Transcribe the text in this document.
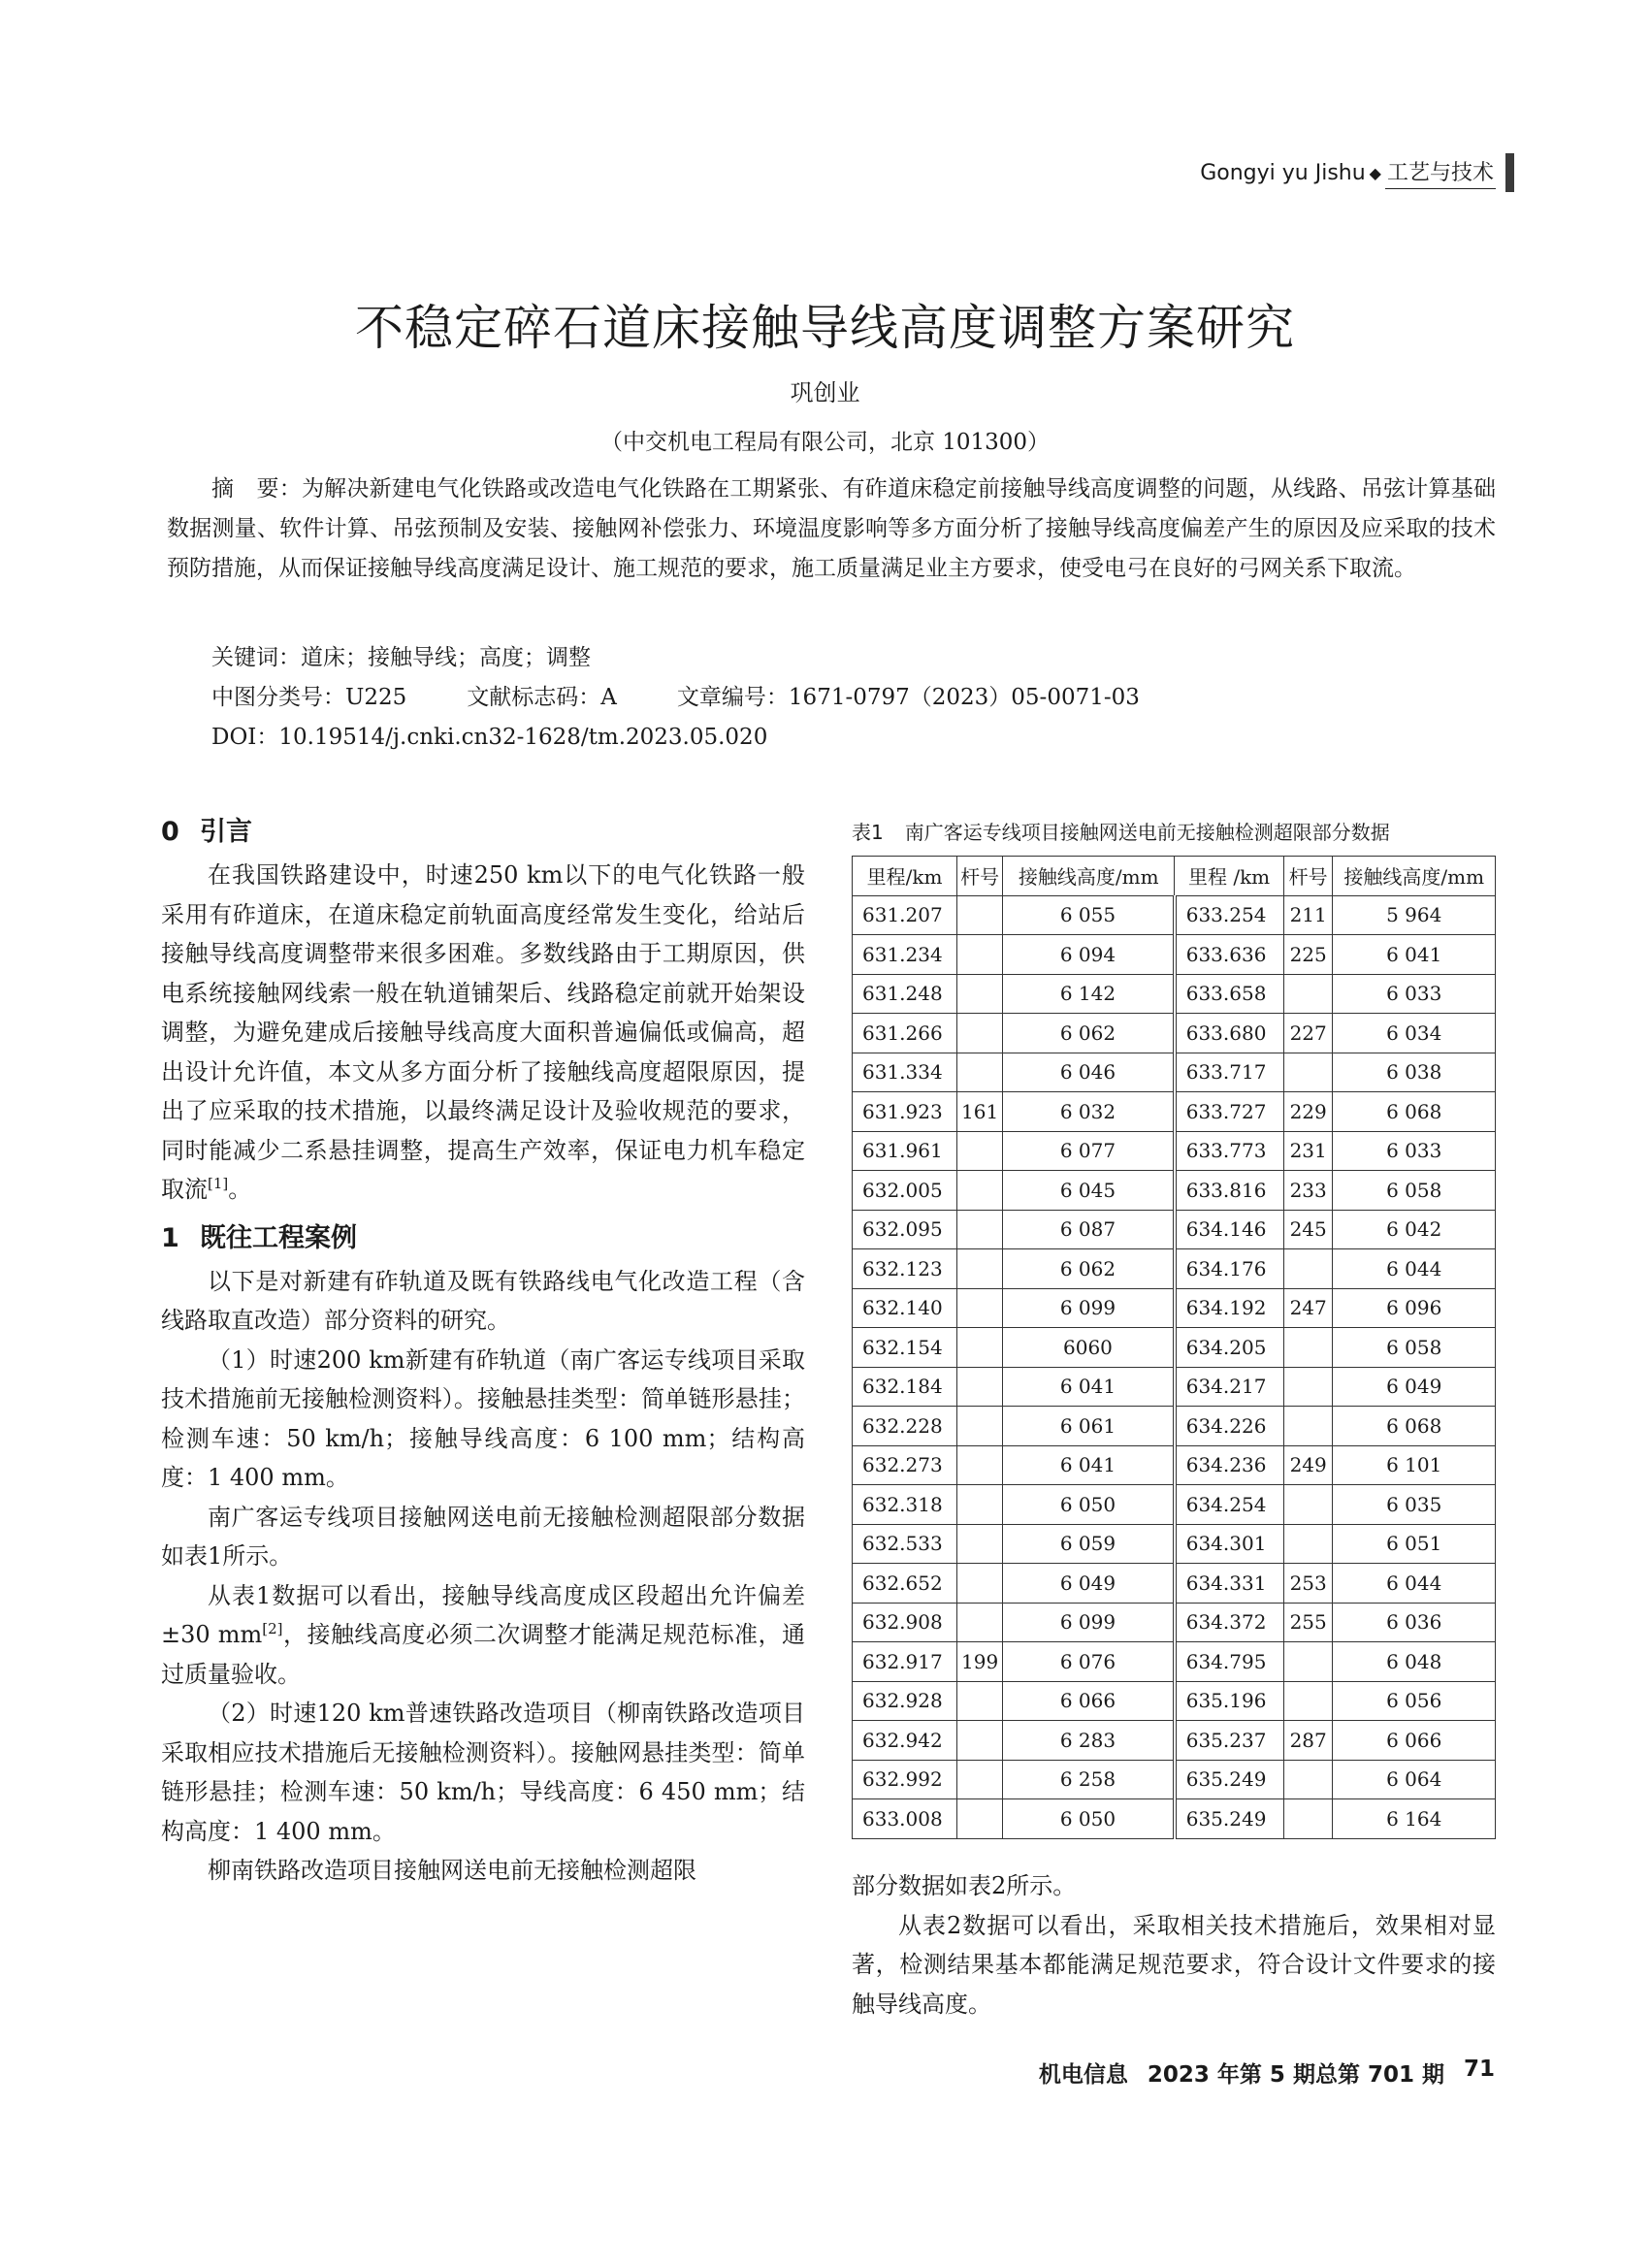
Gongyi yu Jishu ◆ 工艺与技术
不稳定碎石道床接触导线高度调整方案研究
巩创业
（中交机电工程局有限公司，北京 101300）
摘　要：为解决新建电气化铁路或改造电气化铁路在工期紧张、有砟道床稳定前接触导线高度调整的问题，从线路、吊弦计算基础数据测量、软件计算、吊弦预制及安装、接触网补偿张力、环境温度影响等多方面分析了接触导线高度偏差产生的原因及应采取的技术预防措施，从而保证接触导线高度满足设计、施工规范的要求，施工质量满足业主方要求，使受电弓在良好的弓网关系下取流。
关键词：道床；接触导线；高度；调整
中图分类号：U225	文献标志码：A	文章编号：1671-0797（2023）05-0071-03
DOI：10.19514/j.cnki.cn32-1628/tm.2023.05.020
0 引言

在我国铁路建设中，时速250 km以下的电气化铁路一般采用有砟道床，在道床稳定前轨面高度经常发生变化，给站后接触导线高度调整带来很多困难。多数线路由于工期原因，供电系统接触网线索一般在轨道铺架后、线路稳定前就开始架设调整，为避免建成后接触导线高度大面积普遍偏低或偏高，超出设计允许值，本文从多方面分析了接触线高度超限原因，提出了应采取的技术措施，以最终满足设计及验收规范的要求，同时能减少二系悬挂调整，提高生产效率，保证电力机车稳定取流[1]。

1 既往工程案例

以下是对新建有砟轨道及既有铁路线电气化改造工程（含线路取直改造）部分资料的研究。

（1）时速200 km新建有砟轨道（南广客运专线项目采取技术措施前无接触检测资料）。接触悬挂类型：简单链形悬挂；检测车速：50 km/h；接触导线高度：6 100 mm；结构高度：1 400 mm。

南广客运专线项目接触网送电前无接触检测超限部分数据如表1所示。

从表1数据可以看出，接触导线高度成区段超出允许偏差±30 mm[2]，接触线高度必须二次调整才能满足规范标准，通过质量验收。

（2）时速120 km普速铁路改造项目（柳南铁路改造项目采取相应技术措施后无接触检测资料）。接触网悬挂类型：简单链形悬挂；检测车速：50 km/h；导线高度：6 450 mm；结构高度：1 400 mm。

柳南铁路改造项目接触网送电前无接触检测超限

表1 南广客运专线项目接触网送电前无接触检测超限部分数据
里程/km	杆号	接触线高度/mm	里程 /km	杆号	接触线高度/mm
631.207		6 055	633.254	211	5 964
631.234		6 094	633.636	225	6 041
631.248		6 142	633.658		6 033
631.266		6 062	633.680	227	6 034
631.334		6 046	633.717		6 038
631.923	161	6 032	633.727	229	6 068
631.961		6 077	633.773	231	6 033
632.005		6 045	633.816	233	6 058
632.095		6 087	634.146	245	6 042
632.123		6 062	634.176		6 044
632.140		6 099	634.192	247	6 096
632.154		6060	634.205		6 058
632.184		6 041	634.217		6 049
632.228		6 061	634.226		6 068
632.273		6 041	634.236	249	6 101
632.318		6 050	634.254		6 035
632.533		6 059	634.301		6 051
632.652		6 049	634.331	253	6 044
632.908		6 099	634.372	255	6 036
632.917	199	6 076	634.795		6 048
632.928		6 066	635.196		6 056
632.942		6 283	635.237	287	6 066
632.992		6 258	635.249		6 064
633.008		6 050	635.249		6 164

部分数据如表2所示。

从表2数据可以看出，采取相关技术措施后，效果相对显著，检测结果基本都能满足规范要求，符合设计文件要求的接触导线高度。

机电信息 2023 年第 5 期总第 701 期 71
